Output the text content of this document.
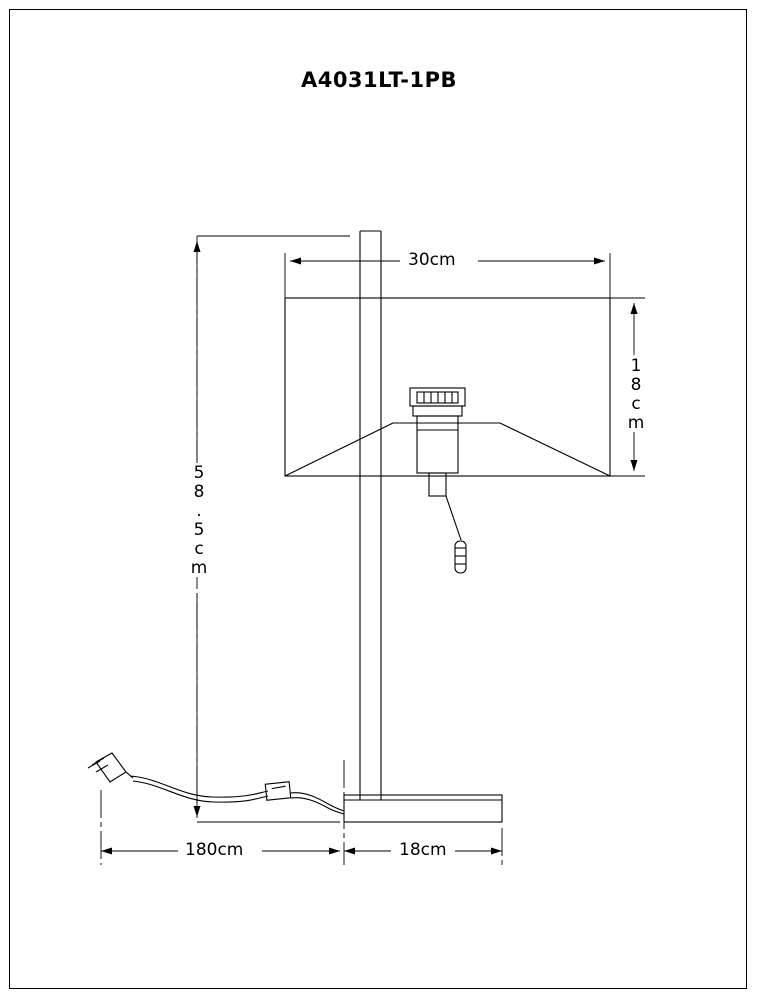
A4031LT-1PB
30cm
18cm
58.5cm
180cm	18cm
